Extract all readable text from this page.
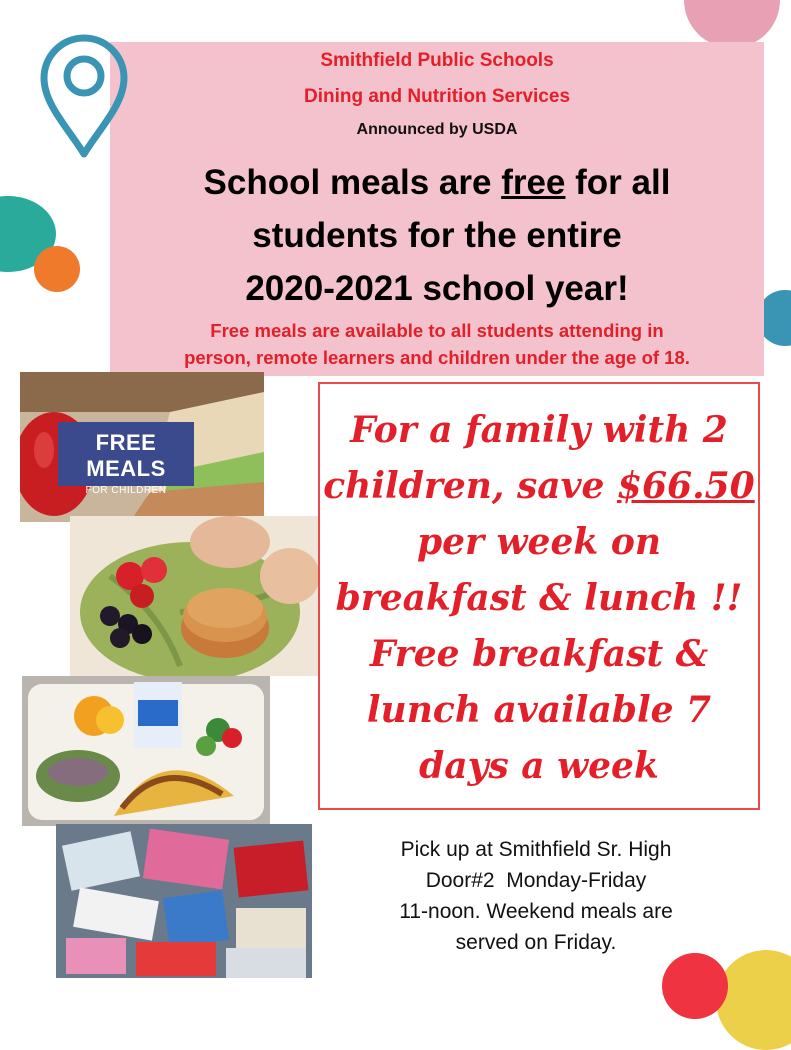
Smithfield Public Schools
Dining and Nutrition Services
Announced by USDA
School meals are free for all
students for the entire
2020-2021 school year!
Free meals are available to all students attending in
person, remote learners and children under the age of 18.
FREE MEALS
FOR CHILDREN
For a family with 2
children, save $66.50
per week on
breakfast & lunch !!
Free breakfast &
lunch available 7
days a week
Pick up at Smithfield Sr. High
Door#2  Monday-Friday
11-noon. Weekend meals are
served on Friday.
